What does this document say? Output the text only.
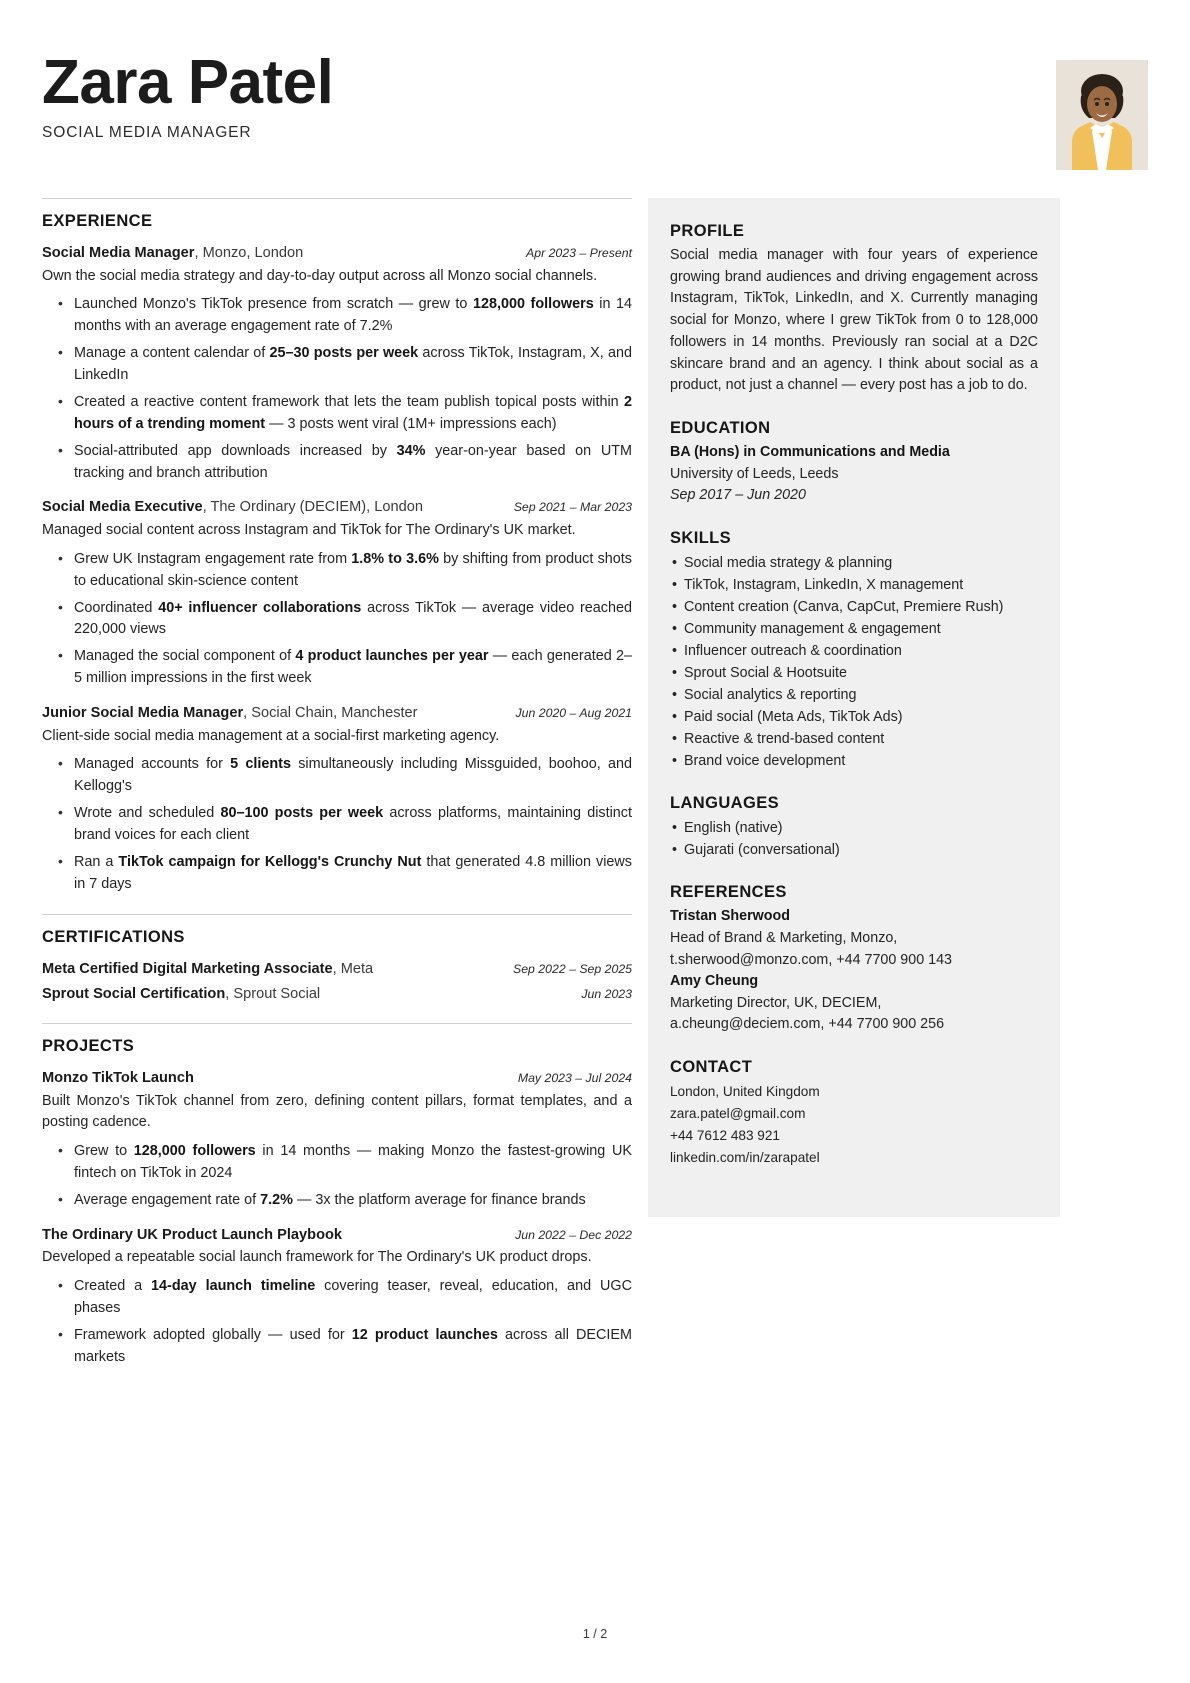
Zara Patel
SOCIAL MEDIA MANAGER
EXPERIENCE
Social Media Manager, Monzo, London	Apr 2023 – Present
Own the social media strategy and day-to-day output across all Monzo social channels.
• Launched Monzo's TikTok presence from scratch — grew to 128,000 followers in 14 months with an average engagement rate of 7.2%
• Manage a content calendar of 25–30 posts per week across TikTok, Instagram, X, and LinkedIn
• Created a reactive content framework that lets the team publish topical posts within 2 hours of a trending moment — 3 posts went viral (1M+ impressions each)
• Social-attributed app downloads increased by 34% year-on-year based on UTM tracking and branch attribution
Social Media Executive, The Ordinary (DECIEM), London	Sep 2021 – Mar 2023
Managed social content across Instagram and TikTok for The Ordinary's UK market.
• Grew UK Instagram engagement rate from 1.8% to 3.6% by shifting from product shots to educational skin-science content
• Coordinated 40+ influencer collaborations across TikTok — average video reached 220,000 views
• Managed the social component of 4 product launches per year — each generated 2–5 million impressions in the first week
Junior Social Media Manager, Social Chain, Manchester	Jun 2020 – Aug 2021
Client-side social media management at a social-first marketing agency.
• Managed accounts for 5 clients simultaneously including Missguided, boohoo, and Kellogg's
• Wrote and scheduled 80–100 posts per week across platforms, maintaining distinct brand voices for each client
• Ran a TikTok campaign for Kellogg's Crunchy Nut that generated 4.8 million views in 7 days
CERTIFICATIONS
Meta Certified Digital Marketing Associate, Meta	Sep 2022 – Sep 2025
Sprout Social Certification, Sprout Social	Jun 2023
PROJECTS
Monzo TikTok Launch	May 2023 – Jul 2024
Built Monzo's TikTok channel from zero, defining content pillars, format templates, and a posting cadence.
• Grew to 128,000 followers in 14 months — making Monzo the fastest-growing UK fintech on TikTok in 2024
• Average engagement rate of 7.2% — 3x the platform average for finance brands
The Ordinary UK Product Launch Playbook	Jun 2022 – Dec 2022
Developed a repeatable social launch framework for The Ordinary's UK product drops.
• Created a 14-day launch timeline covering teaser, reveal, education, and UGC phases
• Framework adopted globally — used for 12 product launches across all DECIEM markets
PROFILE
Social media manager with four years of experience growing brand audiences and driving engagement across Instagram, TikTok, LinkedIn, and X. Currently managing social for Monzo, where I grew TikTok from 0 to 128,000 followers in 14 months. Previously ran social at a D2C skincare brand and an agency. I think about social as a product, not just a channel — every post has a job to do.
EDUCATION
BA (Hons) in Communications and Media
University of Leeds, Leeds
Sep 2017 – Jun 2020
SKILLS
• Social media strategy & planning
• TikTok, Instagram, LinkedIn, X management
• Content creation (Canva, CapCut, Premiere Rush)
• Community management & engagement
• Influencer outreach & coordination
• Sprout Social & Hootsuite
• Social analytics & reporting
• Paid social (Meta Ads, TikTok Ads)
• Reactive & trend-based content
• Brand voice development
LANGUAGES
• English (native)
• Gujarati (conversational)
REFERENCES
Tristan Sherwood
Head of Brand & Marketing, Monzo, t.sherwood@monzo.com, +44 7700 900 143
Amy Cheung
Marketing Director, UK, DECIEM, a.cheung@deciem.com, +44 7700 900 256
CONTACT
London, United Kingdom
zara.patel@gmail.com
+44 7612 483 921
linkedin.com/in/zarapatel
1 / 2
